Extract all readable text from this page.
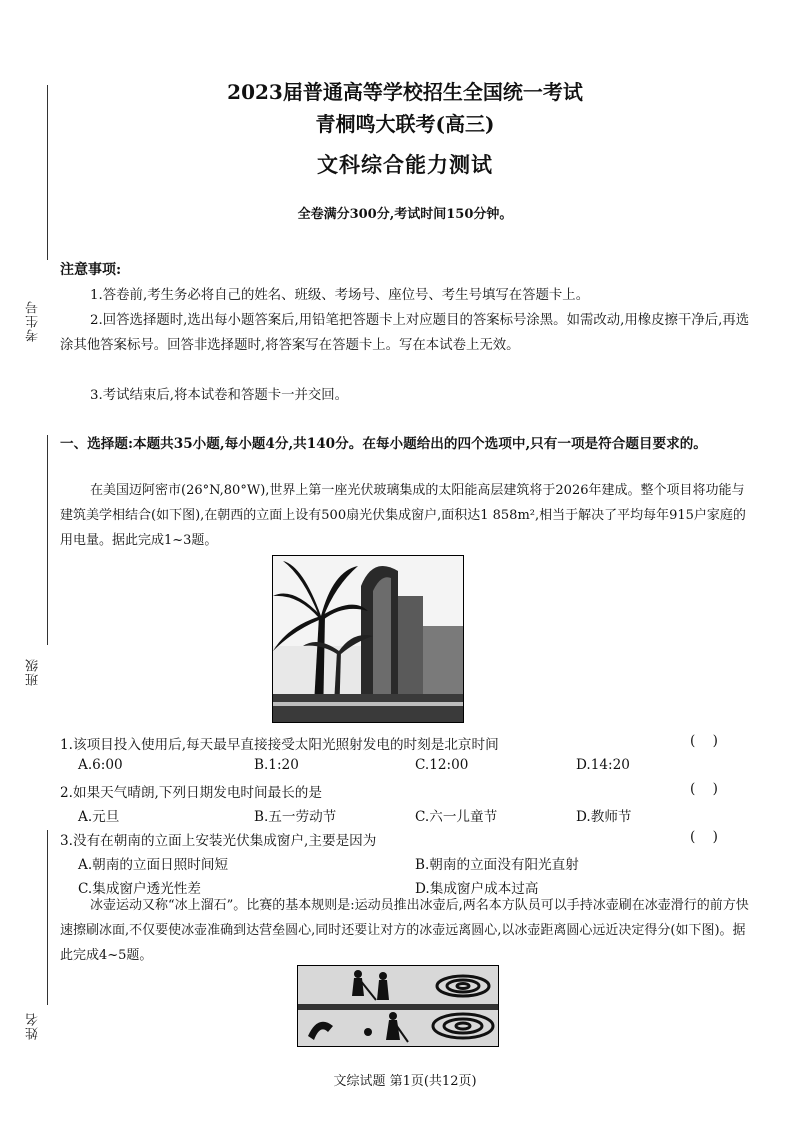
考生号
班级
姓名
2023届普通高等学校招生全国统一考试
青桐鸣大联考(高三)
文科综合能力测试
全卷满分300分,考试时间150分钟。
注意事项:
1.答卷前,考生务必将自己的姓名、班级、考场号、座位号、考生号填写在答题卡上。
2.回答选择题时,选出每小题答案后,用铅笔把答题卡上对应题目的答案标号涂黑。如需改动,用橡皮擦干净后,再选涂其他答案标号。回答非选择题时,将答案写在答题卡上。写在本试卷上无效。
3.考试结束后,将本试卷和答题卡一并交回。
一、选择题:本题共35小题,每小题4分,共140分。在每小题给出的四个选项中,只有一项是符合题目要求的。
在美国迈阿密市(26°N,80°W),世界上第一座光伏玻璃集成的太阳能高层建筑将于2026年建成。整个项目将功能与建筑美学相结合(如下图),在朝西的立面上设有500扇光伏集成窗户,面积达1 858m²,相当于解决了平均每年915户家庭的用电量。据此完成1~3题。
1.该项目投入使用后,每天最早直接接受太阳光照射发电的时刻是北京时间	(    )
A.6:00	B.1:20	C.12:00	D.14:20
2.如果天气晴朗,下列日期发电时间最长的是	(    )
A.元旦	B.五一劳动节	C.六一儿童节	D.教师节
3.没有在朝南的立面上安装光伏集成窗户,主要是因为	(    )
A.朝南的立面日照时间短	B.朝南的立面没有阳光直射
C.集成窗户透光性差	D.集成窗户成本过高
冰壶运动又称“冰上溜石”。比赛的基本规则是:运动员推出冰壶后,两名本方队员可以手持冰壶刷在冰壶滑行的前方快速擦刷冰面,不仅要使冰壶准确到达营垒圆心,同时还要让对方的冰壶远离圆心,以冰壶距离圆心远近决定得分(如下图)。据此完成4~5题。
文综试题 第1页(共12页)
